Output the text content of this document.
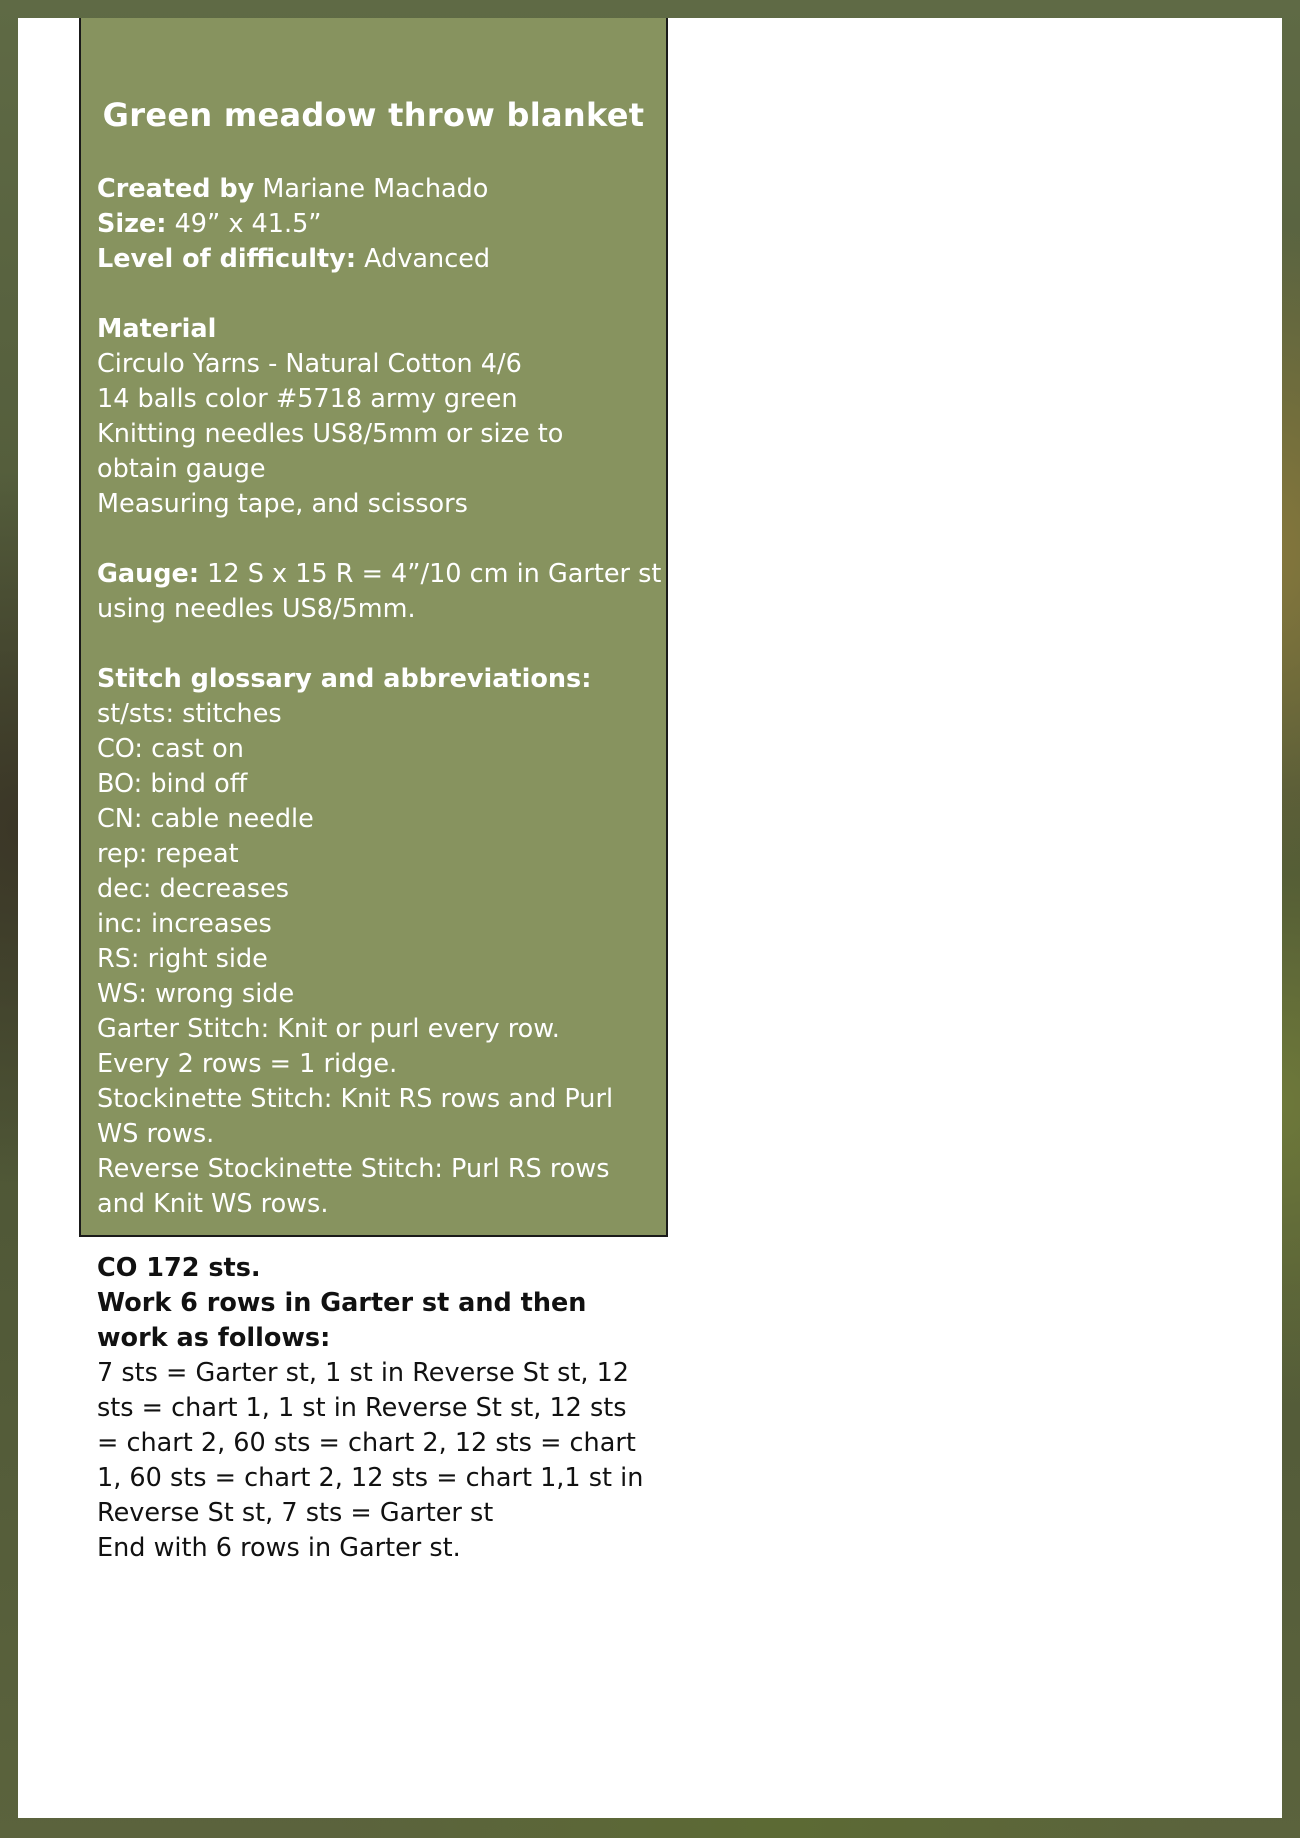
Green meadow throw blanket
Created by Mariane Machado
Size: 49” x 41.5”
Level of difficulty: Advanced
Material
Circulo Yarns - Natural Cotton 4/6
14 balls color #5718 army green
Knitting needles US8/5mm or size to
obtain gauge
Measuring tape, and scissors
Gauge: 12 S x 15 R = 4”/10 cm in Garter st
using needles US8/5mm.
Stitch glossary and abbreviations:
st/sts: stitches
CO: cast on
BO: bind off
CN: cable needle
rep: repeat
dec: decreases
inc: increases
RS: right side
WS: wrong side
Garter Stitch: Knit or purl every row.
Every 2 rows = 1 ridge.
Stockinette Stitch: Knit RS rows and Purl
WS rows.
Reverse Stockinette Stitch: Purl RS rows
and Knit WS rows.
CO 172 sts.
Work 6 rows in Garter st and then
work as follows:
7 sts = Garter st, 1 st in Reverse St st, 12
sts = chart 1, 1 st in Reverse St st, 12 sts
= chart 2, 60 sts = chart 2, 12 sts = chart
1, 60 sts = chart 2, 12 sts = chart 1,1 st in
Reverse St st, 7 sts = Garter st
End with 6 rows in Garter st.
